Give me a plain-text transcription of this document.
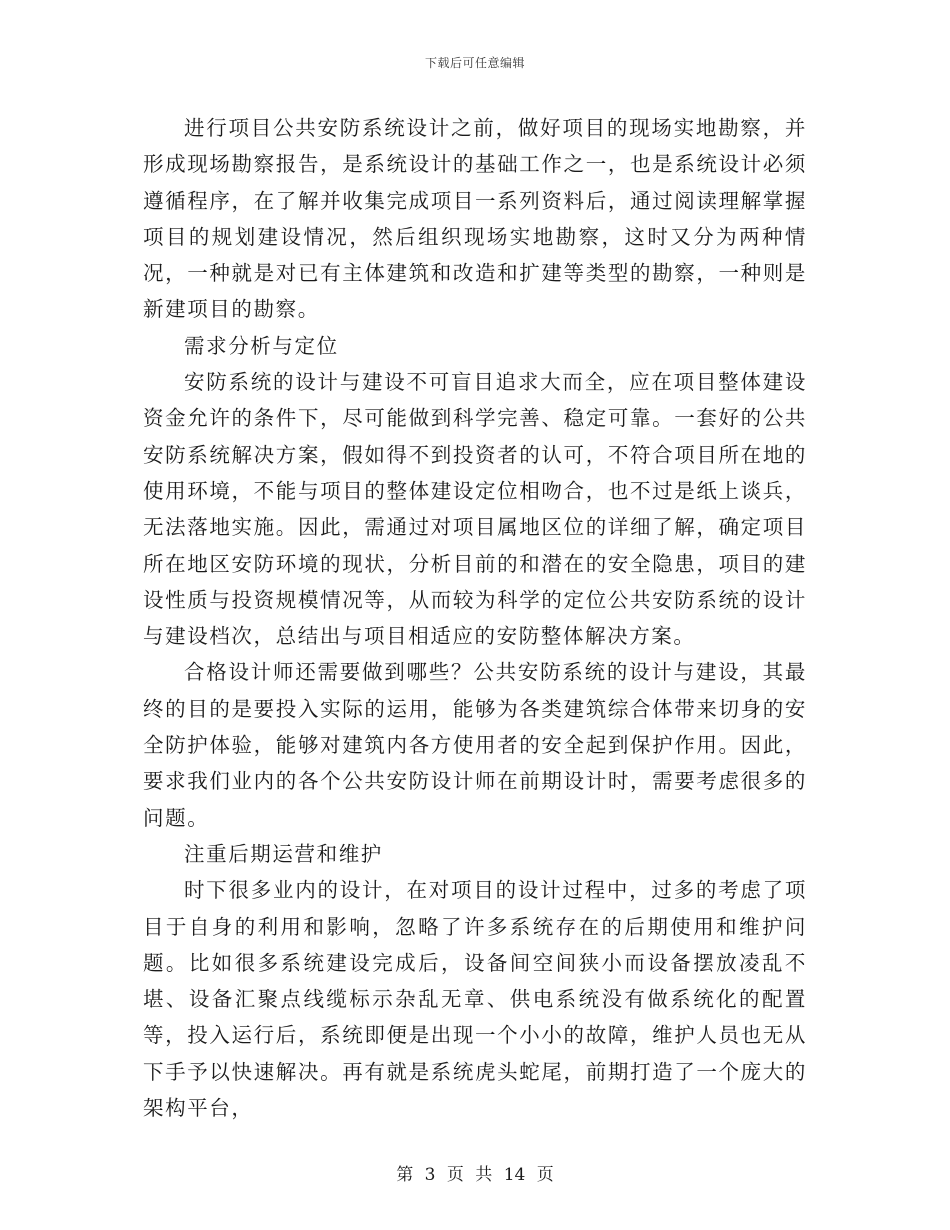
下载后可任意编辑

进行项目公共安防系统设计之前，做好项目的现场实地勘察，并形成现场勘察报告，是系统设计的基础工作之一，也是系统设计必须遵循程序，在了解并收集完成项目一系列资料后，通过阅读理解掌握项目的规划建设情况，然后组织现场实地勘察，这时又分为两种情况，一种就是对已有主体建筑和改造和扩建等类型的勘察，一种则是新建项目的勘察。

需求分析与定位

安防系统的设计与建设不可盲目追求大而全，应在项目整体建设资金允许的条件下，尽可能做到科学完善、稳定可靠。一套好的公共安防系统解决方案，假如得不到投资者的认可，不符合项目所在地的使用环境，不能与项目的整体建设定位相吻合，也不过是纸上谈兵，无法落地实施。因此，需通过对项目属地区位的详细了解，确定项目所在地区安防环境的现状，分析目前的和潜在的安全隐患，项目的建设性质与投资规模情况等，从而较为科学的定位公共安防系统的设计与建设档次，总结出与项目相适应的安防整体解决方案。

合格设计师还需要做到哪些？公共安防系统的设计与建设，其最终的目的是要投入实际的运用，能够为各类建筑综合体带来切身的安全防护体验，能够对建筑内各方使用者的安全起到保护作用。因此，要求我们业内的各个公共安防设计师在前期设计时，需要考虑很多的问题。

注重后期运营和维护

时下很多业内的设计，在对项目的设计过程中，过多的考虑了项目于自身的利用和影响，忽略了许多系统存在的后期使用和维护问题。比如很多系统建设完成后，设备间空间狭小而设备摆放凌乱不堪、设备汇聚点线缆标示杂乱无章、供电系统没有做系统化的配置等，投入运行后，系统即便是出现一个小小的故障，维护人员也无从下手予以快速解决。再有就是系统虎头蛇尾，前期打造了一个庞大的架构平台，

第 3 页 共 14 页
